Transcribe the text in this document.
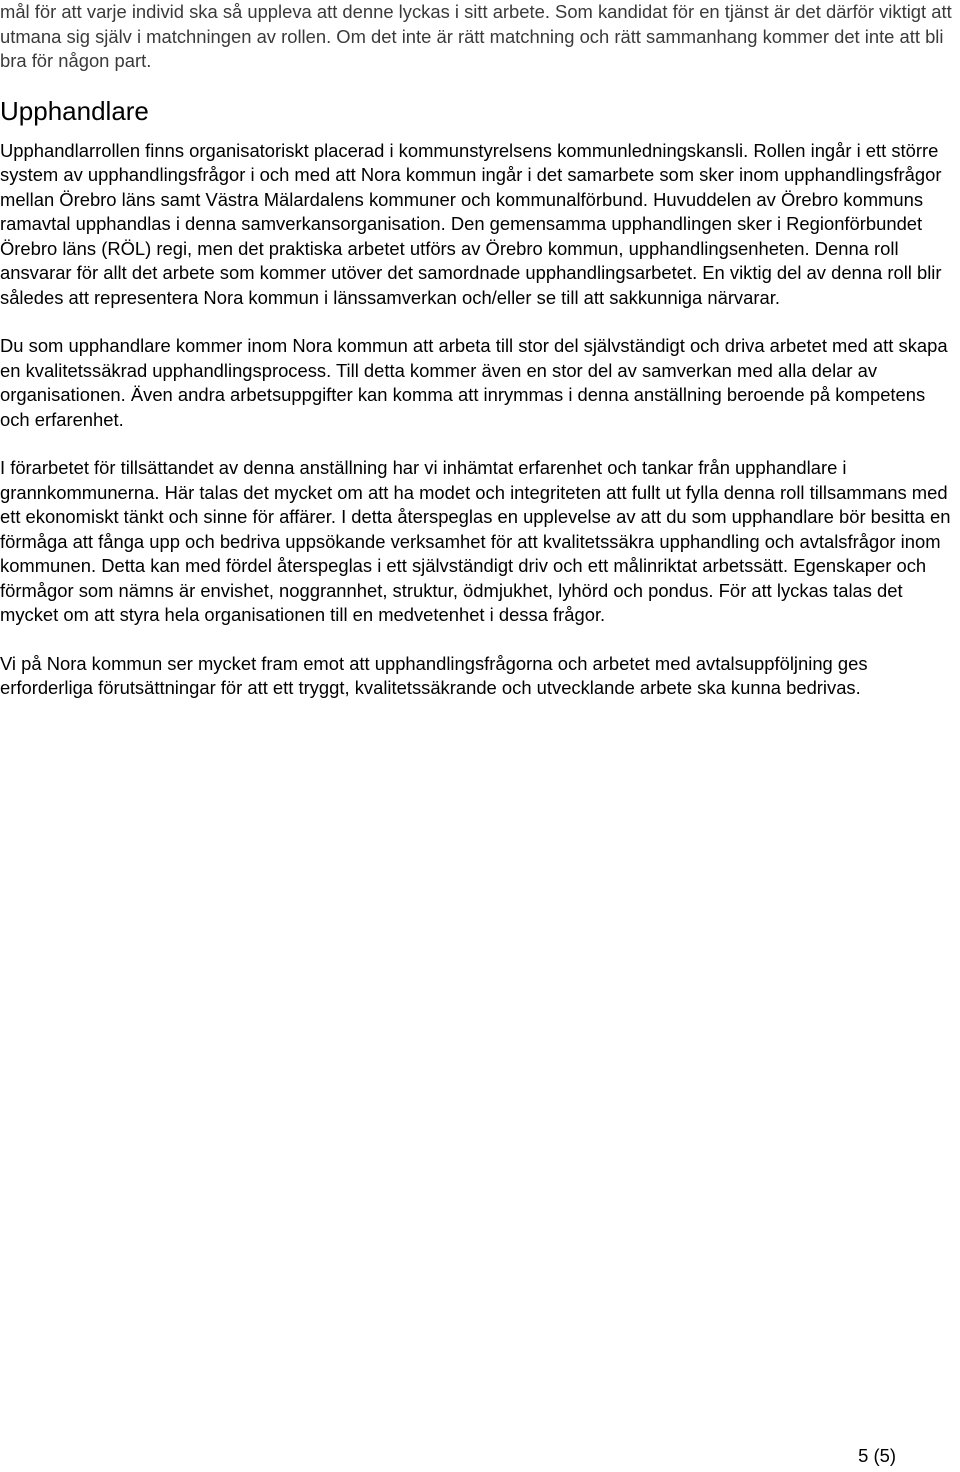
mål för att varje individ ska så uppleva att denne lyckas i sitt arbete. Som kandidat för en tjänst är det därför viktigt att utmana sig själv i matchningen av rollen. Om det inte är rätt matchning och rätt sammanhang kommer det inte att bli bra för någon part.

Upphandlare

Upphandlarrollen finns organisatoriskt placerad i kommunstyrelsens kommunledningskansli. Rollen ingår i ett större system av upphandlingsfrågor i och med att Nora kommun ingår i det samarbete som sker inom upphandlingsfrågor mellan Örebro läns samt Västra Mälardalens kommuner och kommunalförbund. Huvuddelen av Örebro kommuns ramavtal upphandlas i denna samverkansorganisation. Den gemensamma upphandlingen sker i Regionförbundet Örebro läns (RÖL) regi, men det praktiska arbetet utförs av Örebro kommun, upphandlingsenheten. Denna roll ansvarar för allt det arbete som kommer utöver det samordnade upphandlingsarbetet. En viktig del av denna roll blir således att representera Nora kommun i länssamverkan och/eller se till att sakkunniga närvarar.

Du som upphandlare kommer inom Nora kommun att arbeta till stor del självständigt och driva arbetet med att skapa en kvalitetssäkrad upphandlingsprocess. Till detta kommer även en stor del av samverkan med alla delar av organisationen. Även andra arbetsuppgifter kan komma att inrymmas i denna anställning beroende på kompetens och erfarenhet.

I förarbetet för tillsättandet av denna anställning har vi inhämtat erfarenhet och tankar från upphandlare i grannkommunerna. Här talas det mycket om att ha modet och integriteten att fullt ut fylla denna roll tillsammans med ett ekonomiskt tänkt och sinne för affärer. I detta återspeglas en upplevelse av att du som upphandlare bör besitta en förmåga att fånga upp och bedriva uppsökande verksamhet för att kvalitetssäkra upphandling och avtalsfrågor inom kommunen. Detta kan med fördel återspeglas i ett självständigt driv och ett målinriktat arbetssätt. Egenskaper och förmågor som nämns är envishet, noggrannhet, struktur, ödmjukhet, lyhörd och pondus. För att lyckas talas det mycket om att styra hela organisationen till en medvetenhet i dessa frågor.

Vi på Nora kommun ser mycket fram emot att upphandlingsfrågorna och arbetet med avtalsuppföljning ges erforderliga förutsättningar för att ett tryggt, kvalitetssäkrande och utvecklande arbete ska kunna bedrivas.

5 (5)
